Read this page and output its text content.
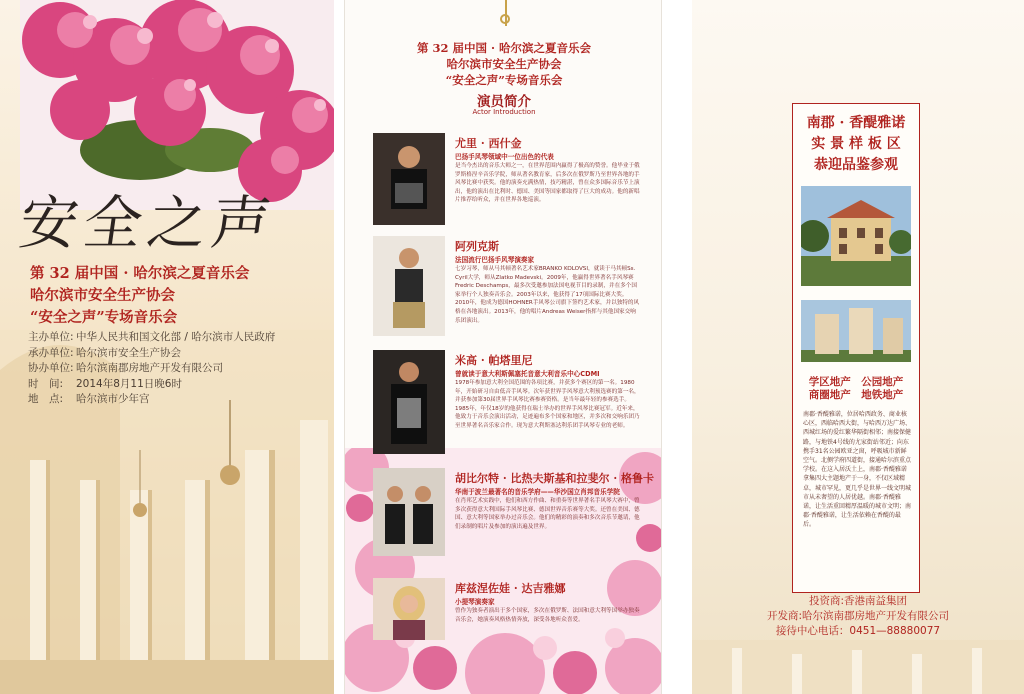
安全之声
第 32 届中国 · 哈尔滨之夏音乐会
哈尔滨市安全生产协会
“安全之声”专场音乐会
主办单位: 中华人民共和国文化部 / 哈尔滨市人民政府
承办单位: 哈尔滨市安全生产协会
协办单位: 哈尔滨南郡房地产开发有限公司
时　间:	2014年8月11日晚6时
地　点:	哈尔滨市少年宫
第 32 届中国 · 哈尔滨之夏音乐会
哈尔滨市安全生产协会
“安全之声”专场音乐会
演员简介
Actor Introduction
尤里 · 西什金
巴扬手风琴领域中一位出色的代表
是当今杰出的音乐大师之一，在世界范围内赢得了极高的赞誉。他毕业于俄罗斯格涅辛音乐学院，师从著名教育家，后多次在俄罗斯乃至世界各地的手风琴比赛中获奖。他的演奏充满热情，技巧精湛，曾在众多国际音乐节上演出，他的演出在比利时、德国、美国等国家都取得了巨大的成功。他的新唱片推荐给听众，并在世界各地巡演。
阿列克斯
法国流行巴扬手风琴演奏家
七岁习琴，师从马其顿著名艺术家BRANKO KOLOVSI，就读于马其顿Ss. Cyril大学，师从Zlatko Madevski。2009年，他赢得世界著名手风琴赛Fredric Deschamps，最多次受邀参加法国电视节目的录制，并在多个国家举行个人独奏音乐会。2003年以来，他获得了17项国际比赛大奖。2010年，他成为德国HOHNER手风琴公司旗下签约艺术家，并以独特的风格在各地演出。2013年，他的唱片Andreas Weiser指挥与其他国家交响乐团演出。
米高 · 帕塔里尼
曾就读于意大利斯佩塞托音意大利音乐中心CDMI
1978年参加意大利全国范围的各项比赛，并获多个赛区的第一名。1980年，开始研习自由低音手风琴。次年获世界手风琴意大利预选赛的第一名，并获参加第30届世界手风琴比赛参赛资格。是当年最年轻的参赛选手。1985年，年仅18岁的他获得在瑞士举办的世界手风琴比赛冠军。近年来，他致力于音乐会演出活动，足迹遍布多个国家和地区，并多次和交响乐团乃至世界著名音乐家合作。现为意大利斯塞达利乐团手风琴专业的老师。
胡比尔特 · 比热夫斯基和拉斐尔 · 格鲁卡
华南于波兰最著名的音乐学府——华沙国立肖邦音乐学院
在肖邦艺术实践中，他们和西方作曲、和重奏等世界著名手风琴大赛中，曾多次获得意大利国际手风琴比赛、德国世界音乐赛等大奖。还曾在美国、德国、意大利等国家举办过音乐会。他们的精彩的演奏和多次音乐节邀请，他们录制的唱片及参加的演出遍及世界。
库兹涅佐娃 · 达吉雅娜
小提琴演奏家
曾作为独奏者演出于多个国家，多次在俄罗斯、法国和意大利等国举办独奏音乐会，她演奏风格热情奔放，深受各地听众喜爱。
南郡 · 香醍雅诺
实 景 样 板 区
恭迎品鉴参观
学区地产　公园地产
商圈地产　地铁地产
南郡·香醍雅诺，位居哈西政务、商业核心区，西临哈西大街，与哈西万达广场、西城红场的爱红繁华隔街相邻；南接保健路，与地铁4号线的尤家街站邻近；向东携手31名公园欧亚之窗，呼吸城市新鲜空气。北侧学府四道街，接通哈尔滨重点学校。在这入居沃土上，南郡·香醍雅诺拿集四大主题地产于一身，不仅区域精卓，城市罕见，更几乎是世界一线文明城市从未奢望的人居优越。南郡·香醍雅诺，让生活重回精厚温暖的城市文明；南郡·香醍雅诺，让生活依赖在香醍的最后。
投资商:香港南益集团
开发商:哈尔滨南郡房地产开发有限公司
接待中心电话：0451—88880077
